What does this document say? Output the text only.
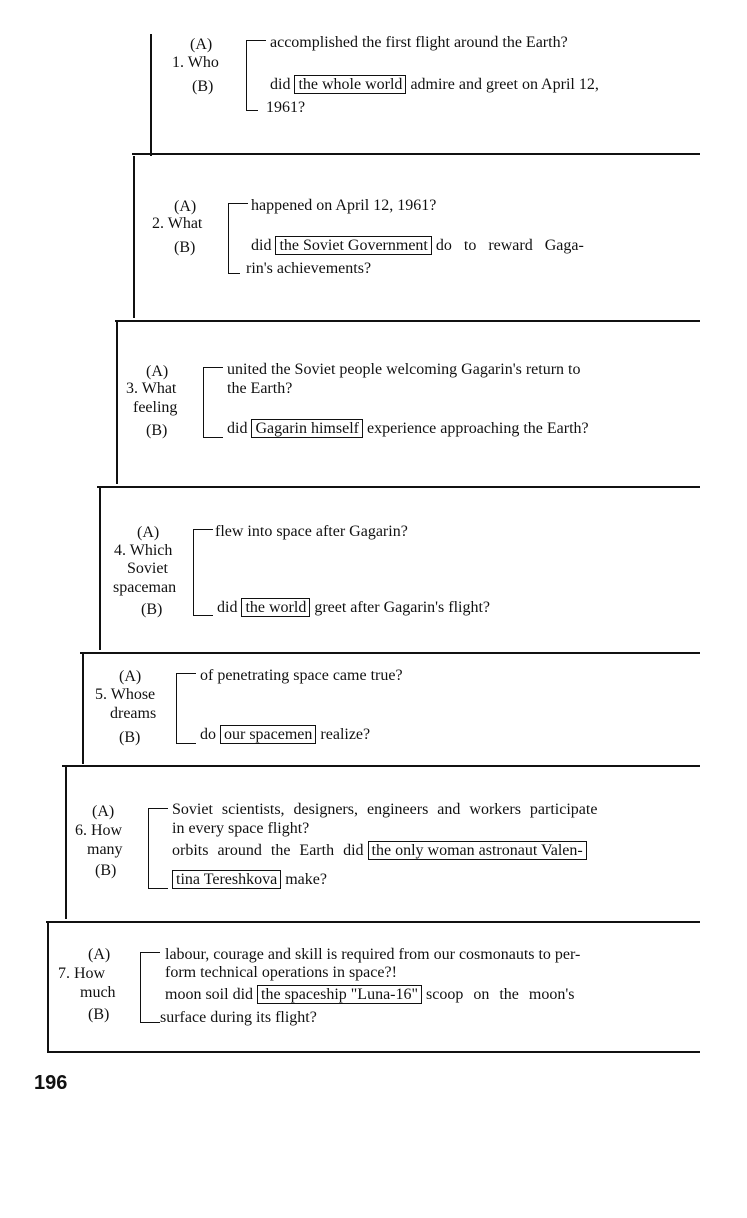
(A)
1. Who
(B)
accomplished the first flight around the Earth?
did the whole world admire and greet on April 12,
1961?
(A)
2. What
(B)
happened on April 12, 1961?
did the Soviet Government do to reward Gaga-
rin's achievements?
(A)
3. What
feeling
(B)
united the Soviet people welcoming Gagarin's return to
the Earth?
did Gagarin himself experience approaching the Earth?
(A)
4. Which
Soviet
spaceman
(B)
flew into space after Gagarin?
did the world greet after Gagarin's flight?
(A)
5. Whose
dreams
(B)
of penetrating space came true?
do our spacemen realize?
(A)
6. How
many
(B)
Soviet scientists, designers, engineers and workers participate
in every space flight?
orbits around the Earth did the only woman astronaut Valen-
tina Tereshkova make?
(A)
7. How
much
(B)
labour, courage and skill is required from our cosmonauts to per-
form technical operations in space?!
moon soil did the spaceship "Luna-16" scoop on the moon's
surface during its flight?
196
